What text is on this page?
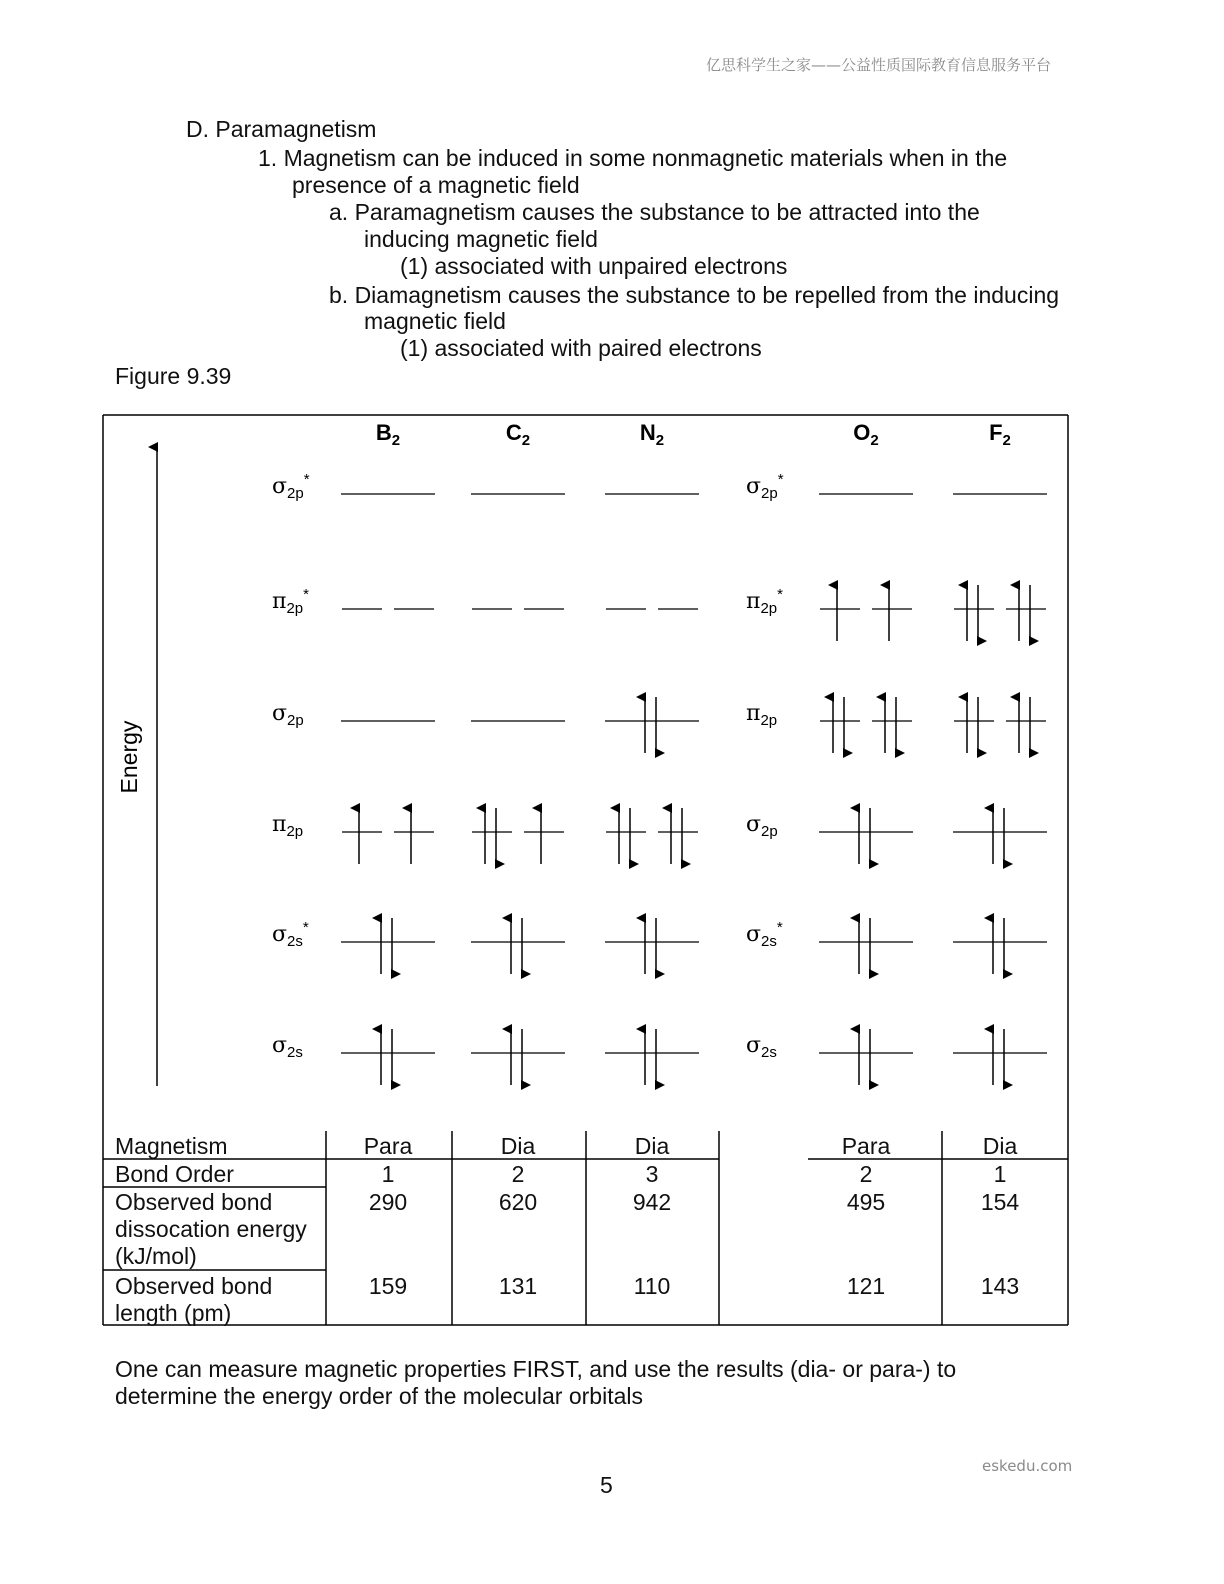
亿思科学生之家——公益性质国际教育信息服务平台
D. Paramagnetism
1. Magnetism can be induced in some nonmagnetic materials when in the
presence of a magnetic field
a. Paramagnetism causes the substance to be attracted into the
inducing magnetic field
(1) associated with unpaired electrons
b. Diamagnetism causes the substance to be repelled from the inducing
magnetic field
(1) associated with paired electrons
Figure 9.39
Energy
$B_2$	$C_2$	$N_2$	$O_2$	$F_2$
$\sigma_{2p}^*$
$\pi_{2p}^*$
$\sigma_{2p}$
$\pi_{2p}$
$\sigma_{2s}^*$
$\sigma_{2s}$
$\sigma_{2p}^*$
$\pi_{2p}^*$
$\pi_{2p}$
$\sigma_{2p}$
$\sigma_{2s}^*$
$\sigma_{2s}$
Magnetism	Para	Dia	Dia	Para	Dia
Bond Order	1	2	3	2	1
Observed bond
dissocation energy
(kJ/mol)
290	620	942	495	154
Observed bond
length (pm)
159	131	110	121	143
One can measure magnetic properties FIRST, and use the results (dia- or para-) to
determine the energy order of the molecular orbitals
eskedu.com
5
